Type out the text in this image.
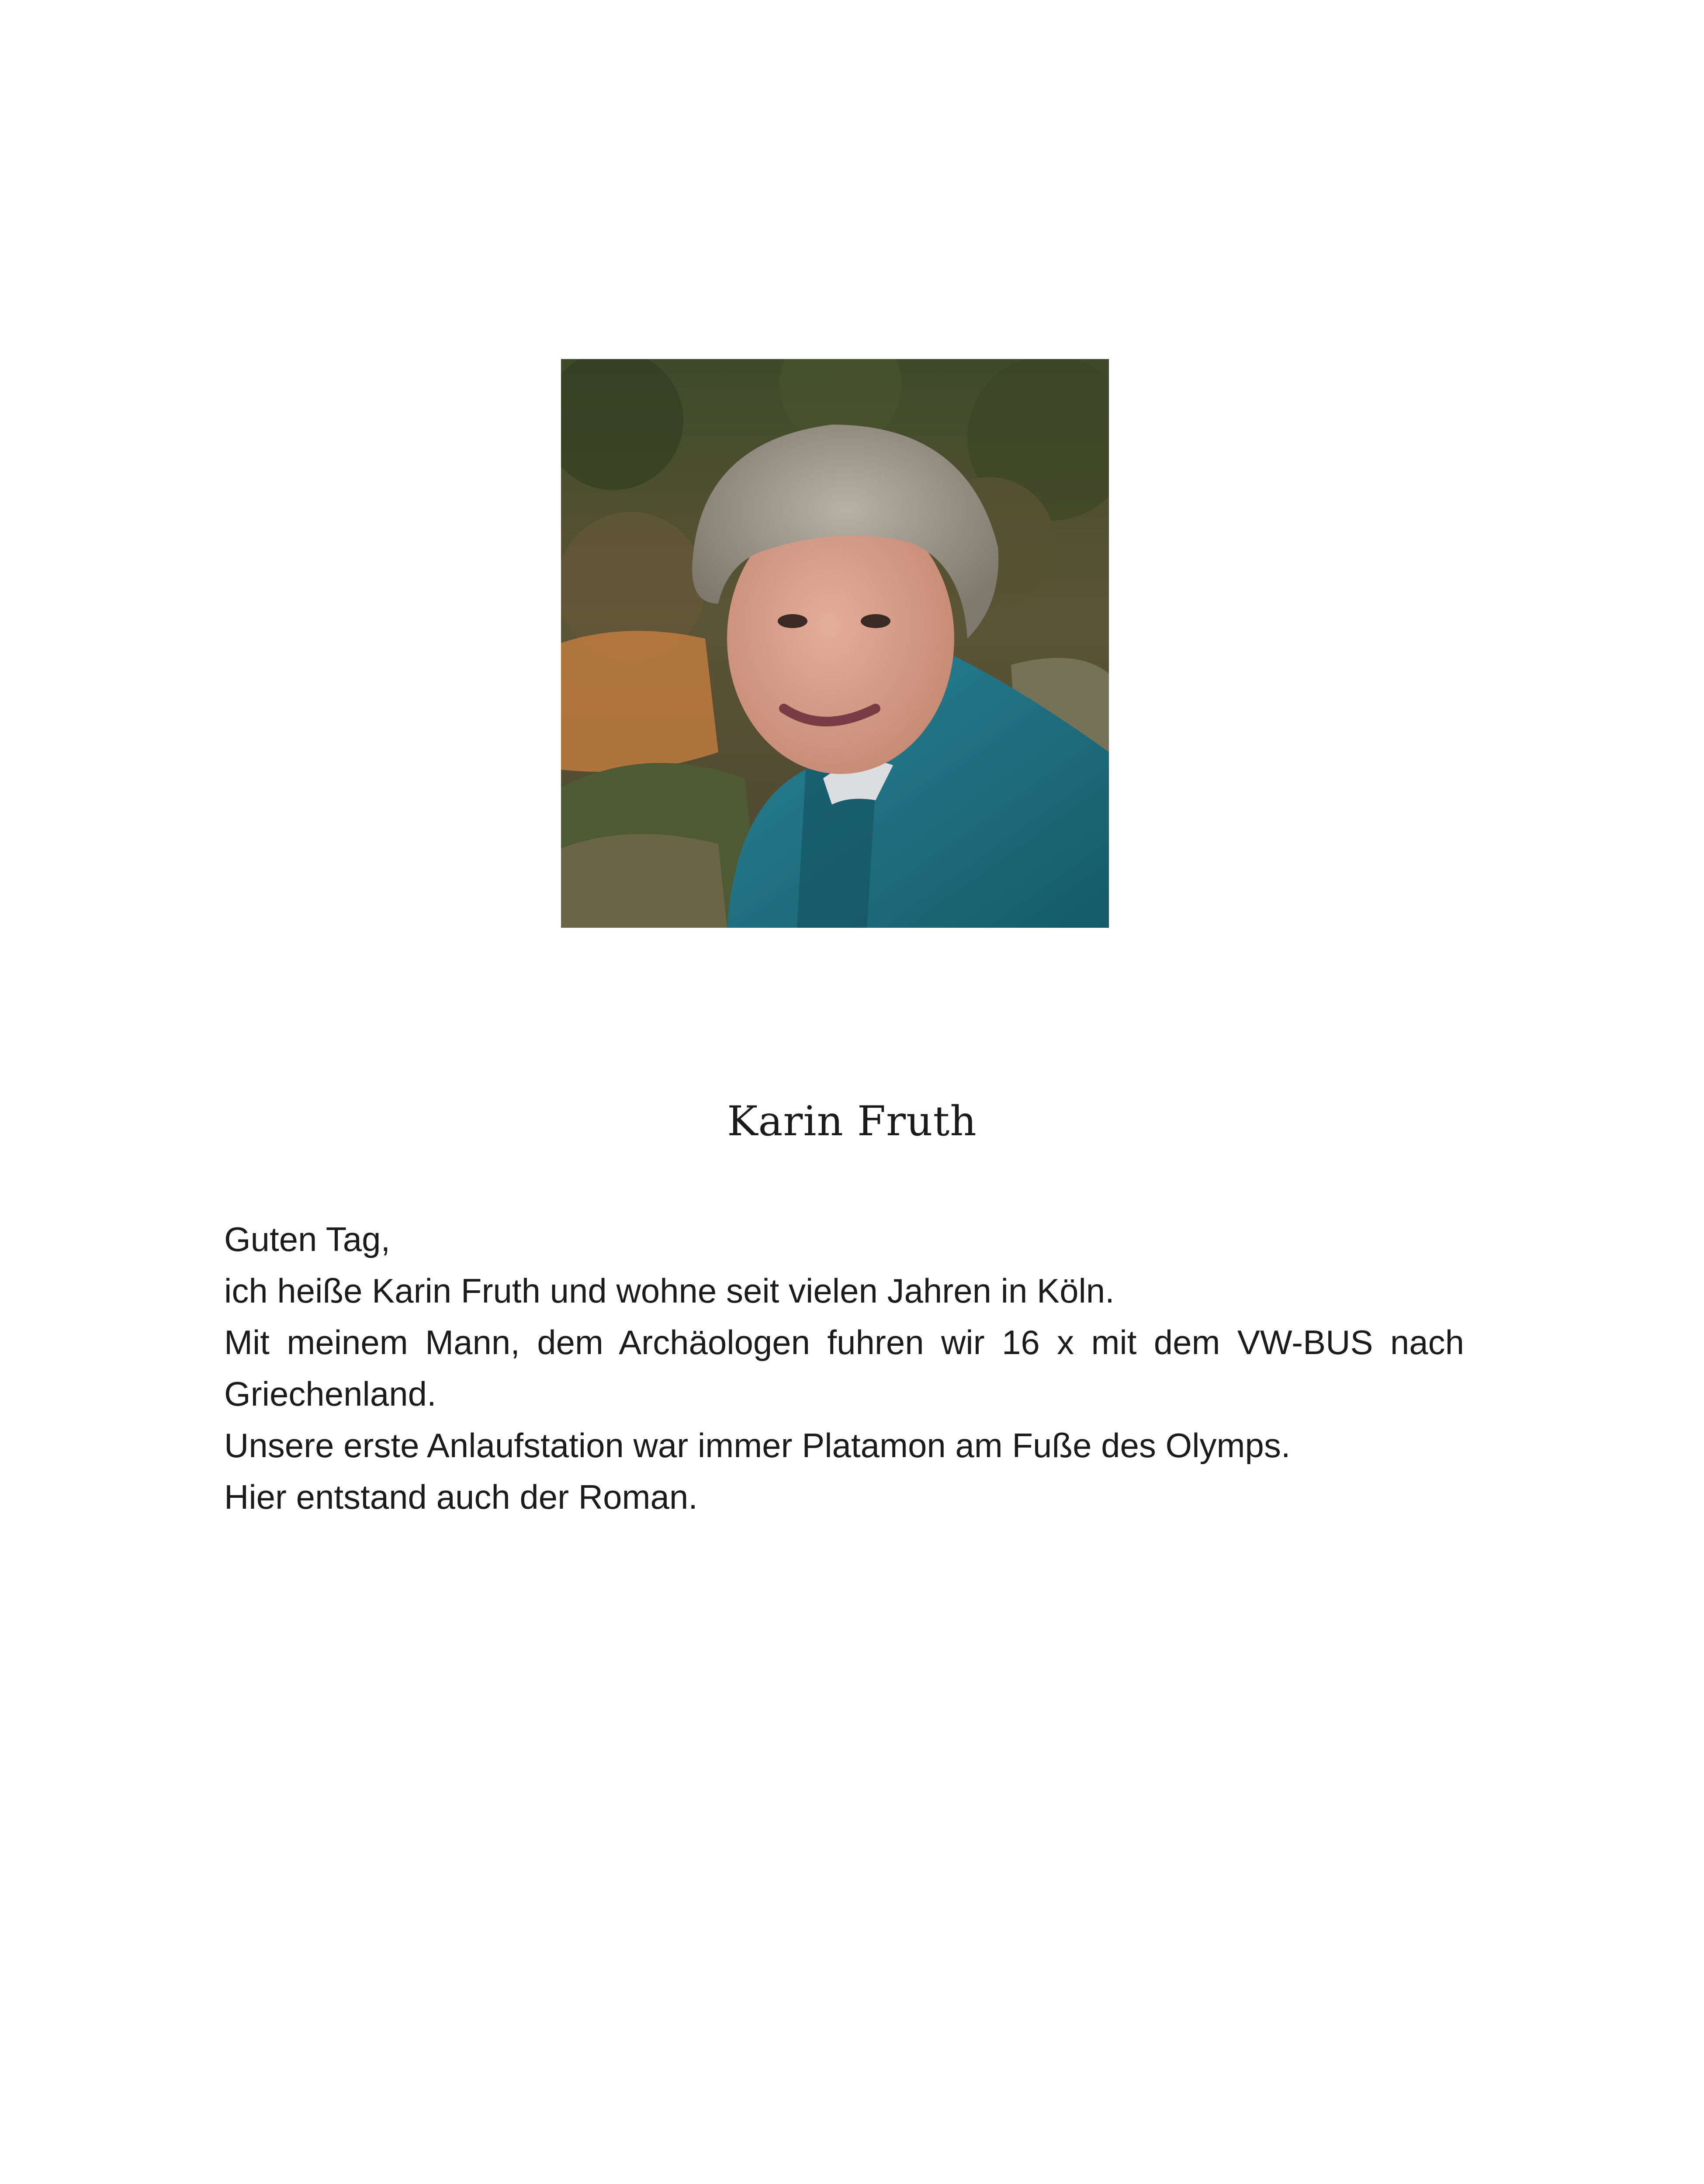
Karin Fruth

Guten Tag,

ich heiße Karin Fruth und wohne seit vielen Jahren in Köln.

Mit meinem Mann, dem Archäologen fuhren wir 16 x mit dem VW-BUS nach

Griechenland.

Unsere erste Anlaufstation war immer Platamon am Fuße des Olymps.

Hier entstand auch der Roman.
